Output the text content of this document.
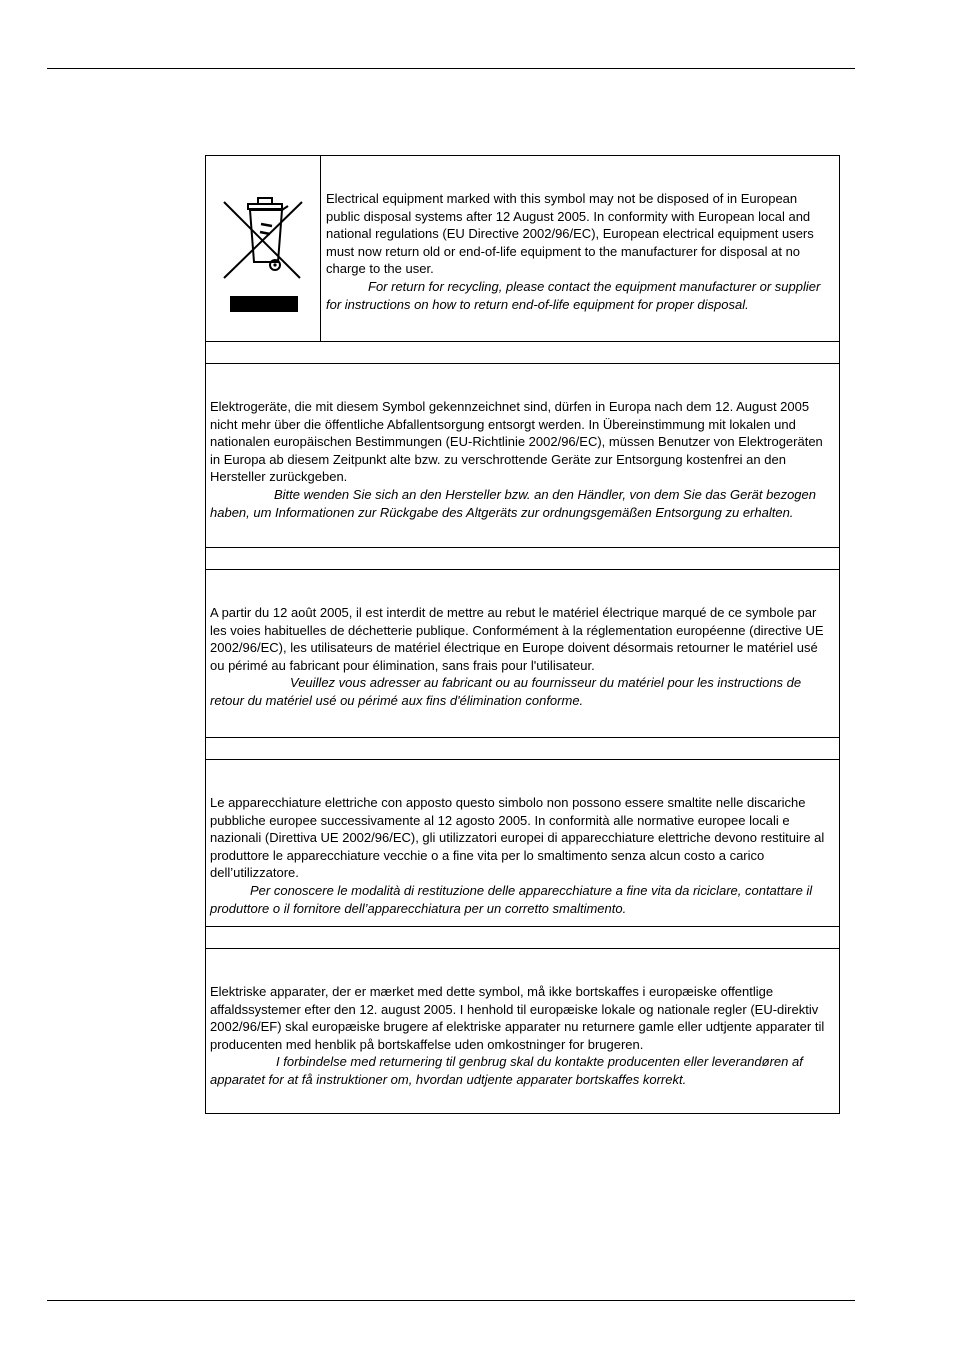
Electrical equipment marked with this symbol may not be disposed of in European public disposal systems after 12 August 2005. In conformity with European local and national regulations (EU Directive 2002/96/EC), European electrical equipment users must now return old or end-of-life equipment to the manufacturer for disposal at no charge to the user.

For return for recycling, please contact the equipment manufacturer or supplier for instructions on how to return end-of-life equipment for proper disposal.

Elektrogeräte, die mit diesem Symbol gekennzeichnet sind, dürfen in Europa nach dem 12. August 2005 nicht mehr über die öffentliche Abfallentsorgung entsorgt werden. In Übereinstimmung mit lokalen und nationalen europäischen Bestimmungen (EU-Richtlinie 2002/96/EC), müssen Benutzer von Elektrogeräten in Europa ab diesem Zeitpunkt alte bzw. zu verschrottende Geräte zur Entsorgung kostenfrei an den Hersteller zurückgeben.

Bitte wenden Sie sich an den Hersteller bzw. an den Händler, von dem Sie das Gerät bezogen haben, um Informationen zur Rückgabe des Altgeräts zur ordnungsgemäßen Entsorgung zu erhalten.

A partir du 12 août 2005, il est interdit de mettre au rebut le matériel électrique marqué de ce symbole par les voies habituelles de déchetterie publique. Conformément à la réglementation européenne (directive UE 2002/96/EC), les utilisateurs de matériel électrique en Europe doivent désormais retourner le matériel usé ou périmé au fabricant pour élimination, sans frais pour l'utilisateur.

Veuillez vous adresser au fabricant ou au fournisseur du matériel pour les instructions de retour du matériel usé ou périmé aux fins d'élimination conforme.

Le apparecchiature elettriche con apposto questo simbolo non possono essere smaltite nelle discariche pubbliche europee successivamente al 12 agosto 2005. In conformità alle normative europee locali e nazionali (Direttiva UE 2002/96/EC), gli utilizzatori europei di apparecchiature elettriche devono restituire al produttore le apparecchiature vecchie o a fine vita per lo smaltimento senza alcun costo a carico dell’utilizzatore.

Per conoscere le modalità di restituzione delle apparecchiature a fine vita da riciclare, contattare il produttore o il fornitore dell’apparecchiatura per un corretto smaltimento.

Elektriske apparater, der er mærket med dette symbol, må ikke bortskaffes i europæiske offentlige affaldssystemer efter den 12. august 2005. I henhold til europæiske lokale og nationale regler (EU-direktiv 2002/96/EF) skal europæiske brugere af elektriske apparater nu returnere gamle eller udtjente apparater til producenten med henblik på bortskaffelse uden omkostninger for brugeren.

I forbindelse med returnering til genbrug skal du kontakte producenten eller leverandøren af apparatet for at få instruktioner om, hvordan udtjente apparater bortskaffes korrekt.
